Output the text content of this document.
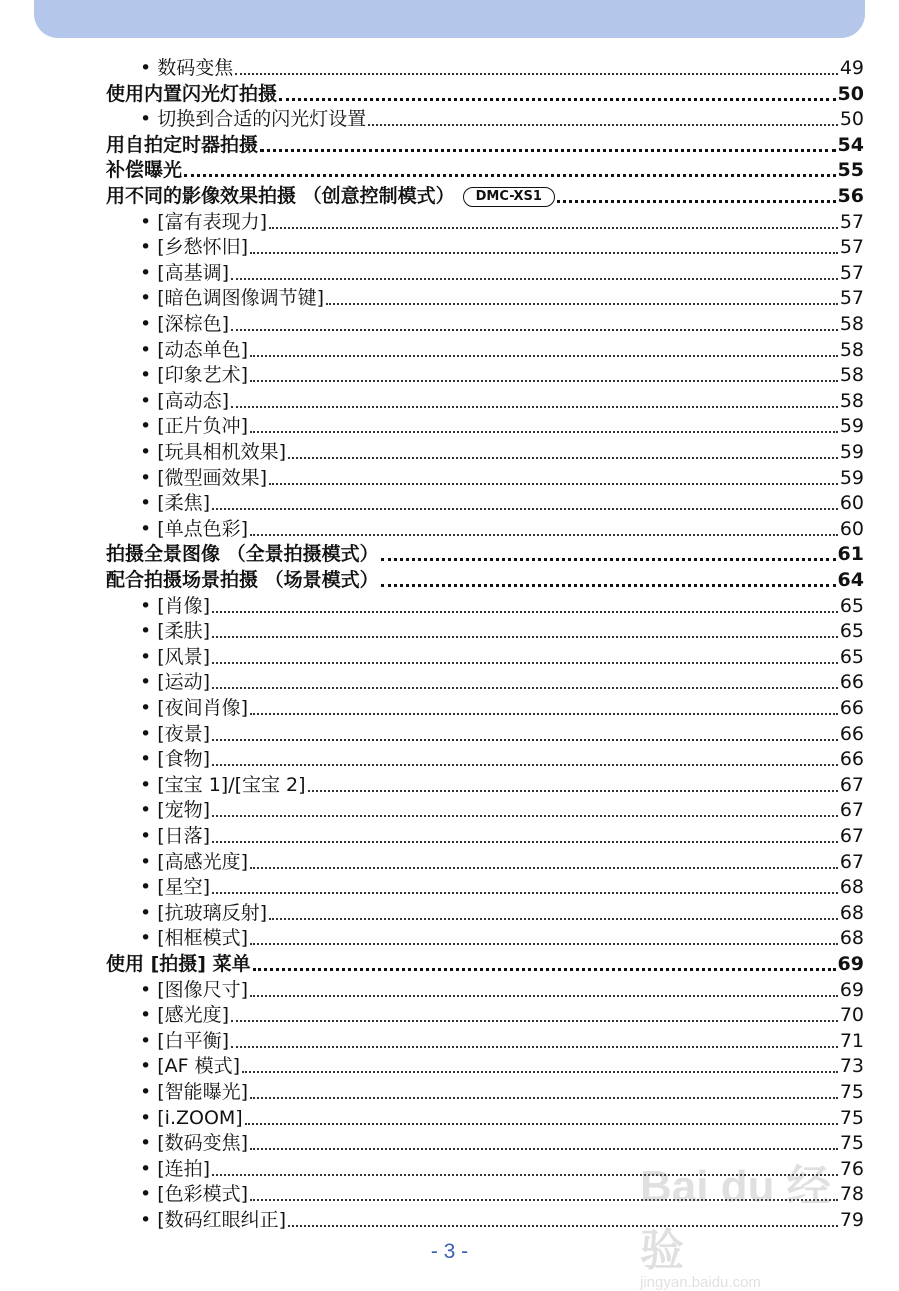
• 数码变焦	49
使用内置闪光灯拍摄	50
• 切换到合适的闪光灯设置	50
用自拍定时器拍摄	54
补偿曝光	55
用不同的影像效果拍摄 （创意控制模式）	DMC-XS1	56
• [富有表现力]	57
• [乡愁怀旧]	57
• [高基调]	57
• [暗色调图像调节键]	57
• [深棕色]	58
• [动态单色]	58
• [印象艺术]	58
• [高动态]	58
• [正片负冲]	59
• [玩具相机效果]	59
• [微型画效果]	59
• [柔焦]	60
• [单点色彩]	60
拍摄全景图像 （全景拍摄模式）	61
配合拍摄场景拍摄 （场景模式）	64
• [肖像]	65
• [柔肤]	65
• [风景]	65
• [运动]	66
• [夜间肖像]	66
• [夜景]	66
• [食物]	66
• [宝宝 1]/[宝宝 2]	67
• [宠物]	67
• [日落]	67
• [高感光度]	67
• [星空]	68
• [抗玻璃反射]	68
• [相框模式]	68
使用 [拍摄] 菜单	69
• [图像尺寸]	69
• [感光度]	70
• [白平衡]	71
• [AF 模式]	73
• [智能曝光]	75
• [i.ZOOM]	75
• [数码变焦]	75
• [连拍]	76
• [色彩模式]	78
• [数码红眼纠正]	79
- 3 -
Bai du 经验
jingyan.baidu.com
